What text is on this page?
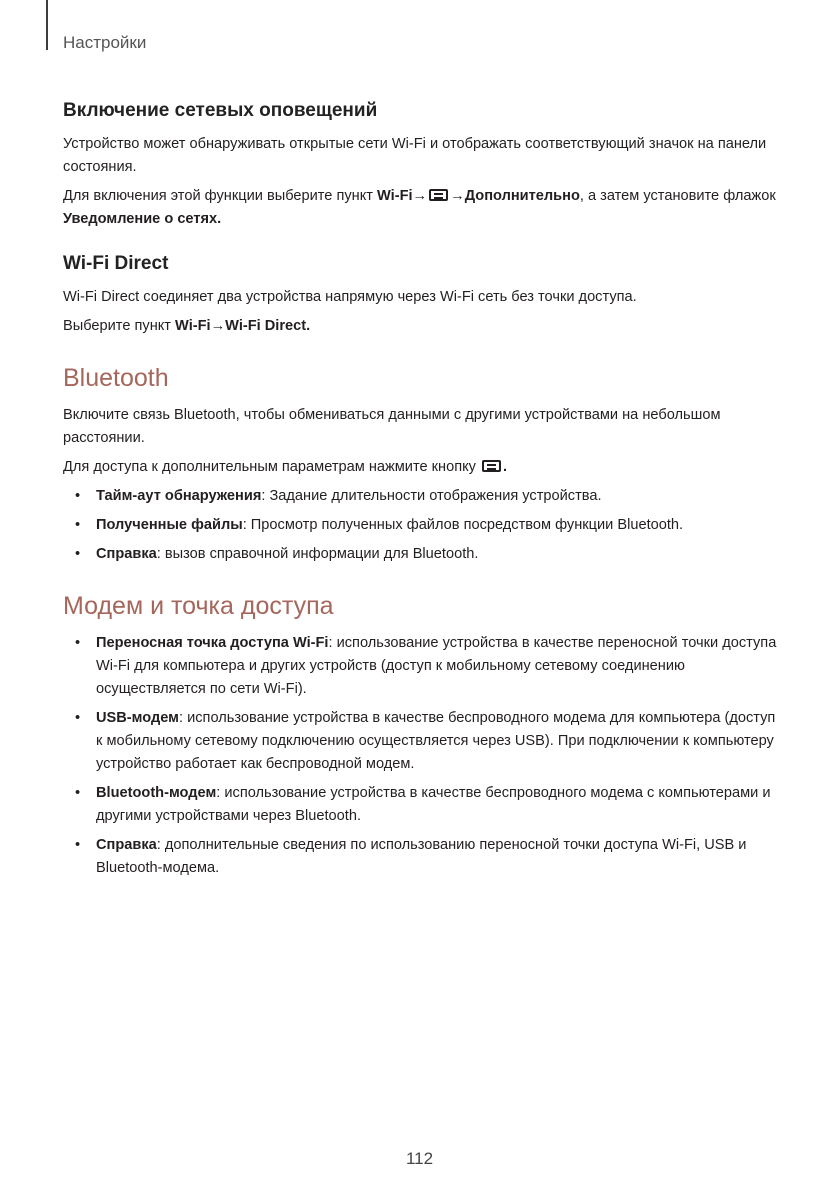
Настройки
Включение сетевых оповещений

Устройство может обнаруживать открытые сети Wi-Fi и отображать соответствующий значок на панели состояния.

Для включения этой функции выберите пункт Wi-Fi→ →Дополнительно, а затем установите флажок Уведомление о сетях.

Wi-Fi Direct

Wi-Fi Direct соединяет два устройства напрямую через Wi-Fi сеть без точки доступа.

Выберите пункт Wi-Fi→Wi-Fi Direct.

Bluetooth

Включите связь Bluetooth, чтобы обмениваться данными с другими устройствами на небольшом расстоянии.

Для доступа к дополнительным параметрам нажмите кнопку .

• Тайм-аут обнаружения: Задание длительности отображения устройства.
• Полученные файлы: Просмотр полученных файлов посредством функции Bluetooth.
• Справка: вызов справочной информации для Bluetooth.
Модем и точка доступа
• Переносная точка доступа Wi-Fi: использование устройства в качестве переносной точки доступа Wi-Fi для компьютера и других устройств (доступ к мобильному сетевому соединению осуществляется по сети Wi-Fi).
• USB-модем: использование устройства в качестве беспроводного модема для компьютера (доступ к мобильному сетевому подключению осуществляется через USB). При подключении к компьютеру устройство работает как беспроводной модем.
• Bluetooth-модем: использование устройства в качестве беспроводного модема с компьютерами и другими устройствами через Bluetooth.
• Справка: дополнительные сведения по использованию переносной точки доступа Wi-Fi, USB и Bluetooth-модема.
112
